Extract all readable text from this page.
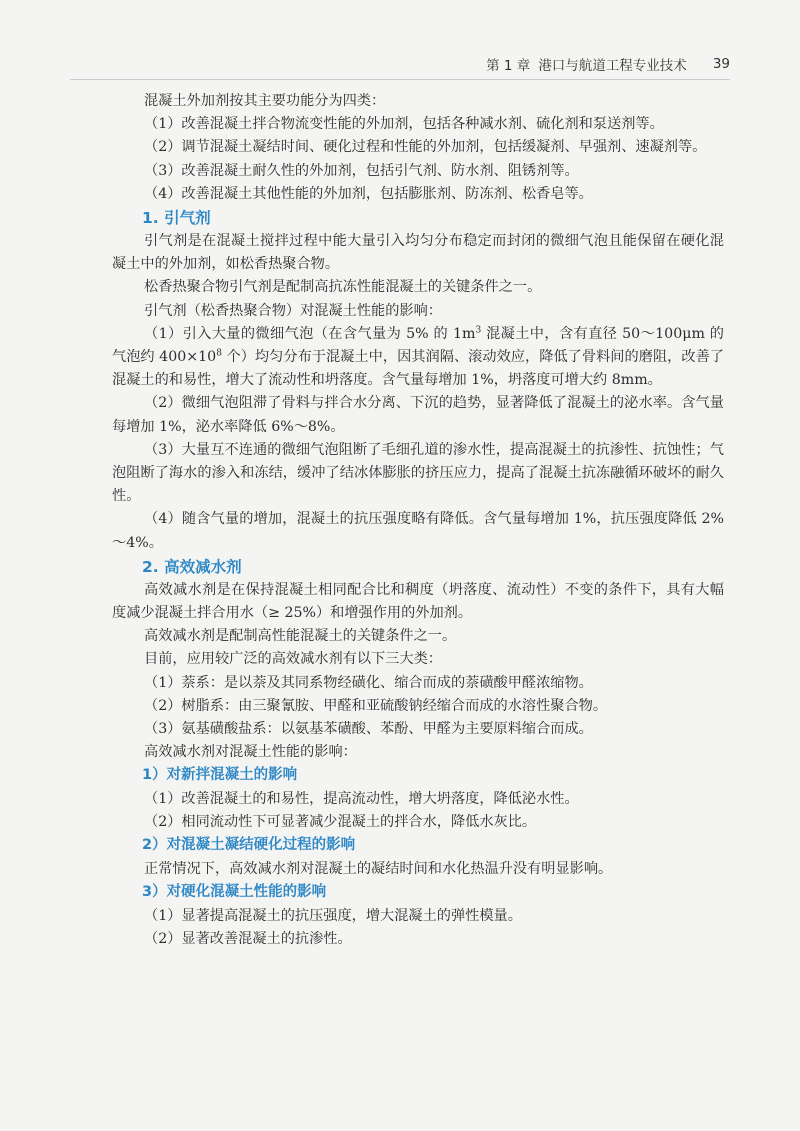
第 1 章 港口与航道工程专业技术 39

混凝土外加剂按其主要功能分为四类：

（1）改善混凝土拌合物流变性能的外加剂，包括各种减水剂、硫化剂和泵送剂等。

（2）调节混凝土凝结时间、硬化过程和性能的外加剂，包括缓凝剂、早强剂、速凝剂等。

（3）改善混凝土耐久性的外加剂，包括引气剂、防水剂、阻锈剂等。

（4）改善混凝土其他性能的外加剂，包括膨胀剂、防冻剂、松香皂等。

1. 引气剂

引气剂是在混凝土搅拌过程中能大量引入均匀分布稳定而封闭的微细气泡且能保留在硬化混凝土中的外加剂，如松香热聚合物。

松香热聚合物引气剂是配制高抗冻性能混凝土的关键条件之一。

引气剂（松香热聚合物）对混凝土性能的影响：

（1）引入大量的微细气泡（在含气量为 5% 的 $1m^3$ 混凝土中，含有直径 50～100μm 的气泡约 $400\times 10^8$ 个）均匀分布于混凝土中，因其润隔、滚动效应，降低了骨料间的磨阻，改善了混凝土的和易性，增大了流动性和坍落度。含气量每增加 1%，坍落度可增大约 8mm。

（2）微细气泡阻滞了骨料与拌合水分离、下沉的趋势，显著降低了混凝土的泌水率。含气量每增加 1%，泌水率降低 6%～8%。

（3）大量互不连通的微细气泡阻断了毛细孔道的渗水性，提高混凝土的抗渗性、抗蚀性；气泡阻断了海水的渗入和冻结，缓冲了结冰体膨胀的挤压应力，提高了混凝土抗冻融循环破坏的耐久性。

（4）随含气量的增加，混凝土的抗压强度略有降低。含气量每增加 1%，抗压强度降低 2%～4%。

2. 高效减水剂

高效减水剂是在保持混凝土相同配合比和稠度（坍落度、流动性）不变的条件下，具有大幅度减少混凝土拌合用水（≥ 25%）和增强作用的外加剂。

高效减水剂是配制高性能混凝土的关键条件之一。

目前，应用较广泛的高效减水剂有以下三大类：

（1）萘系：是以萘及其同系物经磺化、缩合而成的萘磺酸甲醛浓缩物。

（2）树脂系：由三聚氰胺、甲醛和亚硫酸钠经缩合而成的水溶性聚合物。

（3）氨基磺酸盐系：以氨基苯磺酸、苯酚、甲醛为主要原料缩合而成。

高效减水剂对混凝土性能的影响：

1）对新拌混凝土的影响

（1）改善混凝土的和易性，提高流动性，增大坍落度，降低泌水性。

（2）相同流动性下可显著减少混凝土的拌合水，降低水灰比。

2）对混凝土凝结硬化过程的影响

正常情况下，高效减水剂对混凝土的凝结时间和水化热温升没有明显影响。

3）对硬化混凝土性能的影响

（1）显著提高混凝土的抗压强度，增大混凝土的弹性模量。

（2）显著改善混凝土的抗渗性。
